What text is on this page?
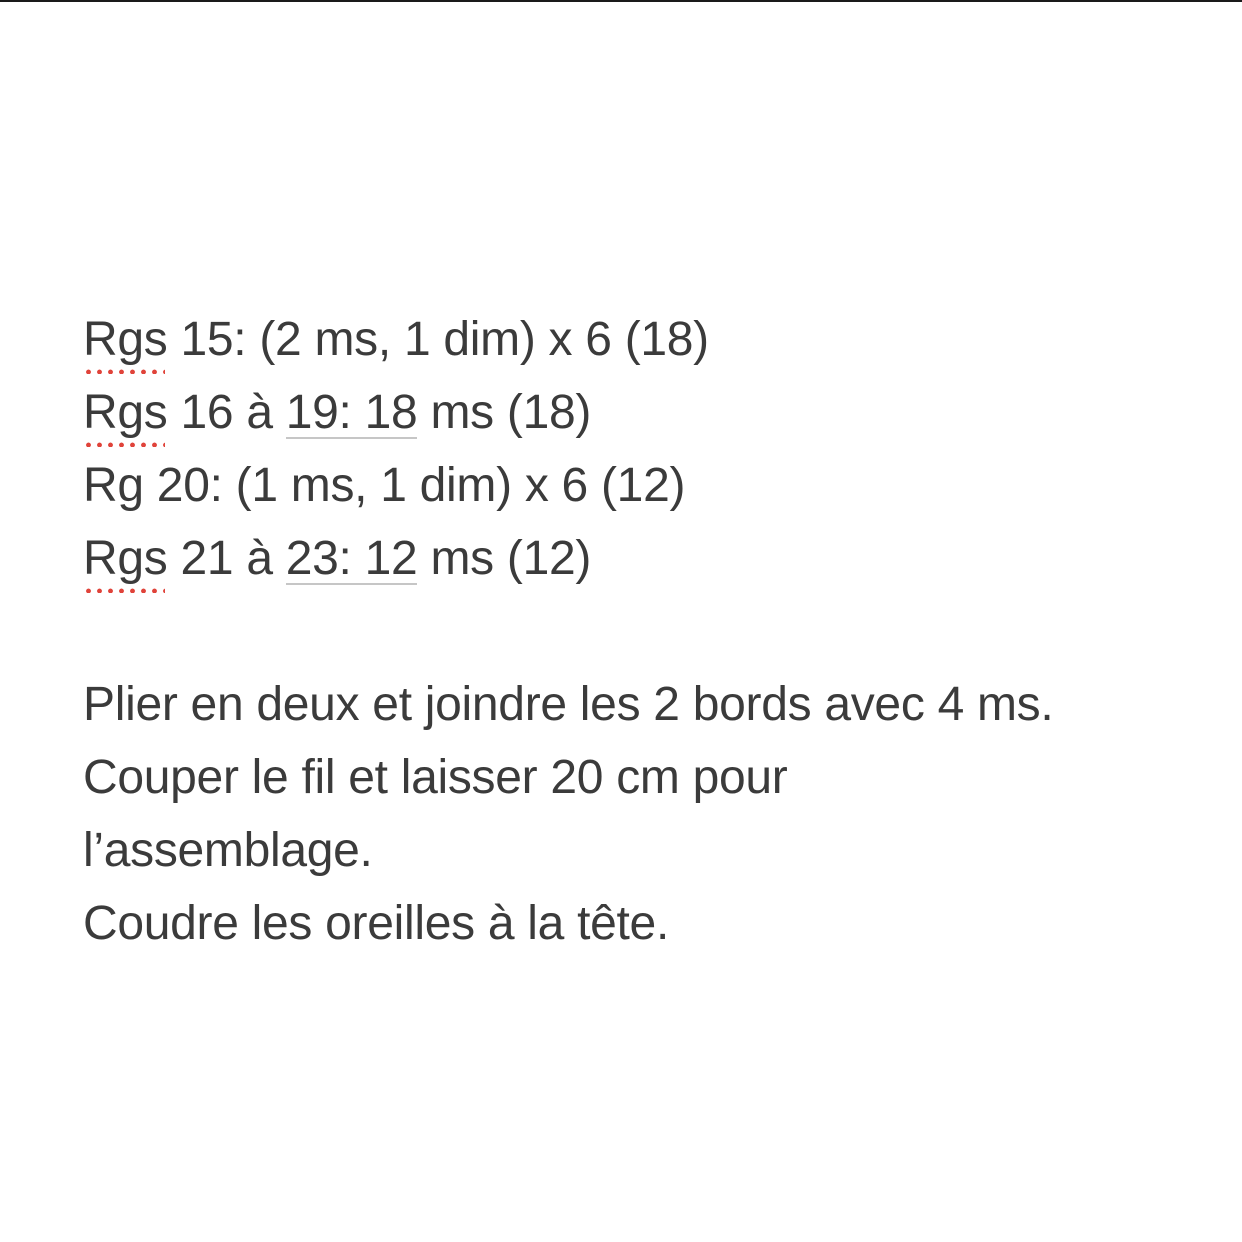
Rgs 15: (2 ms, 1 dim) x 6 (18)
Rgs 16 à 19: 18 ms (18)
Rg 20: (1 ms, 1 dim) x 6 (12)
Rgs 21 à 23: 12 ms (12)
Plier en deux et joindre les 2 bords avec 4 ms.
Couper le fil et laisser 20 cm pour
l’assemblage.
Coudre les oreilles à la tête.
